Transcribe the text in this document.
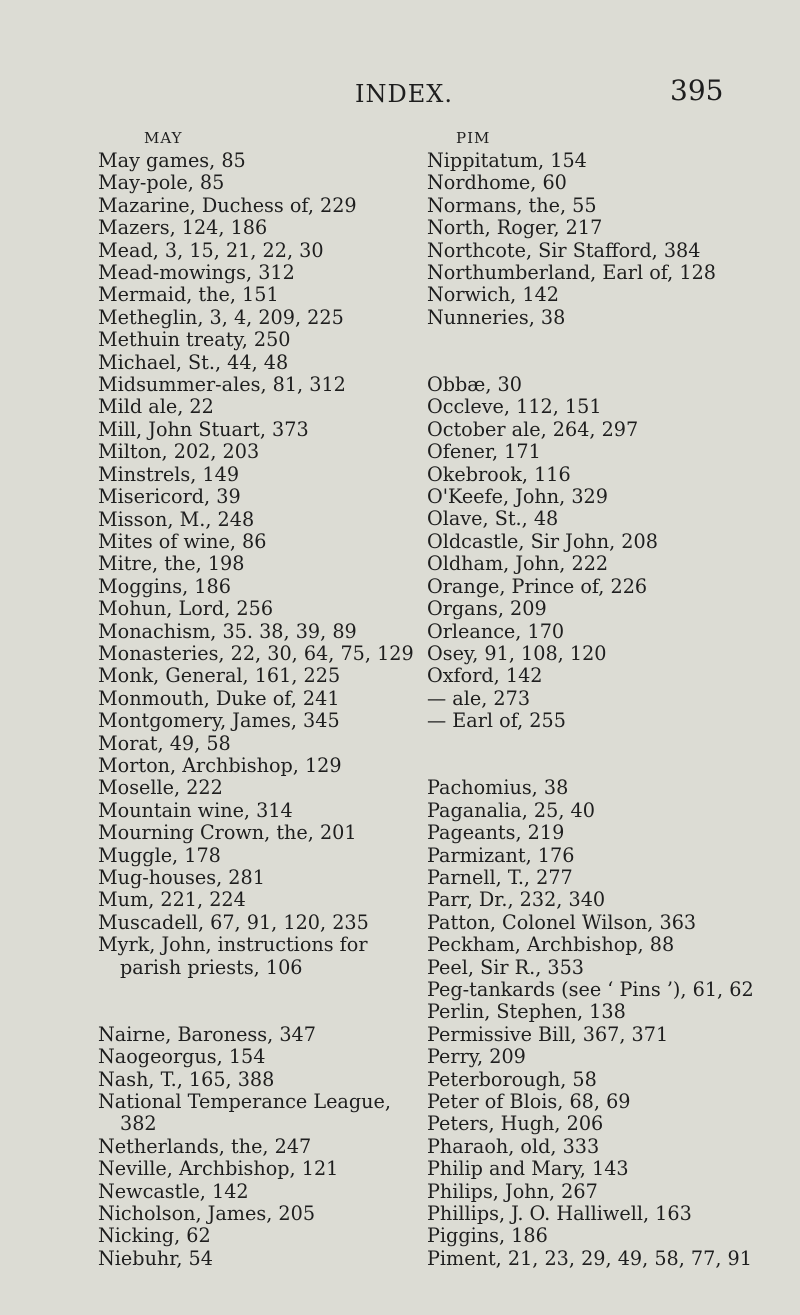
INDEX.	395
MAY
May games, 85
May-pole, 85
Mazarine, Duchess of, 229
Mazers, 124, 186
Mead, 3, 15, 21, 22, 30
Mead-mowings, 312
Mermaid, the, 151
Metheglin, 3, 4, 209, 225
Methuin treaty, 250
Michael, St., 44, 48
Midsummer-ales, 81, 312
Mild ale, 22
Mill, John Stuart, 373
Milton, 202, 203
Minstrels, 149
Misericord, 39
Misson, M., 248
Mites of wine, 86
Mitre, the, 198
Moggins, 186
Mohun, Lord, 256
Monachism, 35. 38, 39, 89
Monasteries, 22, 30, 64, 75, 129
Monk, General, 161, 225
Monmouth, Duke of, 241
Montgomery, James, 345
Morat, 49, 58
Morton, Archbishop, 129
Moselle, 222
Mountain wine, 314
Mourning Crown, the, 201
Muggle, 178
Mug-houses, 281
Mum, 221, 224
Muscadell, 67, 91, 120, 235
Myrk, John, instructions for
parish priests, 106
Nairne, Baroness, 347
Naogeorgus, 154
Nash, T., 165, 388
National Temperance League,
382
Netherlands, the, 247
Neville, Archbishop, 121
Newcastle, 142
Nicholson, James, 205
Nicking, 62
Niebuhr, 54
PIM
Nippitatum, 154
Nordhome, 60
Normans, the, 55
North, Roger, 217
Northcote, Sir Stafford, 384
Northumberland, Earl of, 128
Norwich, 142
Nunneries, 38
Obbæ, 30
Occleve, 112, 151
October ale, 264, 297
Ofener, 171
Okebrook, 116
O'Keefe, John, 329
Olave, St., 48
Oldcastle, Sir John, 208
Oldham, John, 222
Orange, Prince of, 226
Organs, 209
Orleance, 170
Osey, 91, 108, 120
Oxford, 142
— ale, 273
— Earl of, 255
Pachomius, 38
Paganalia, 25, 40
Pageants, 219
Parmizant, 176
Parnell, T., 277
Parr, Dr., 232, 340
Patton, Colonel Wilson, 363
Peckham, Archbishop, 88
Peel, Sir R., 353
Peg-tankards (see ‘ Pins ’), 61, 62
Perlin, Stephen, 138
Permissive Bill, 367, 371
Perry, 209
Peterborough, 58
Peter of Blois, 68, 69
Peters, Hugh, 206
Pharaoh, old, 333
Philip and Mary, 143
Philips, John, 267
Phillips, J. O. Halliwell, 163
Piggins, 186
Piment, 21, 23, 29, 49, 58, 77, 91
